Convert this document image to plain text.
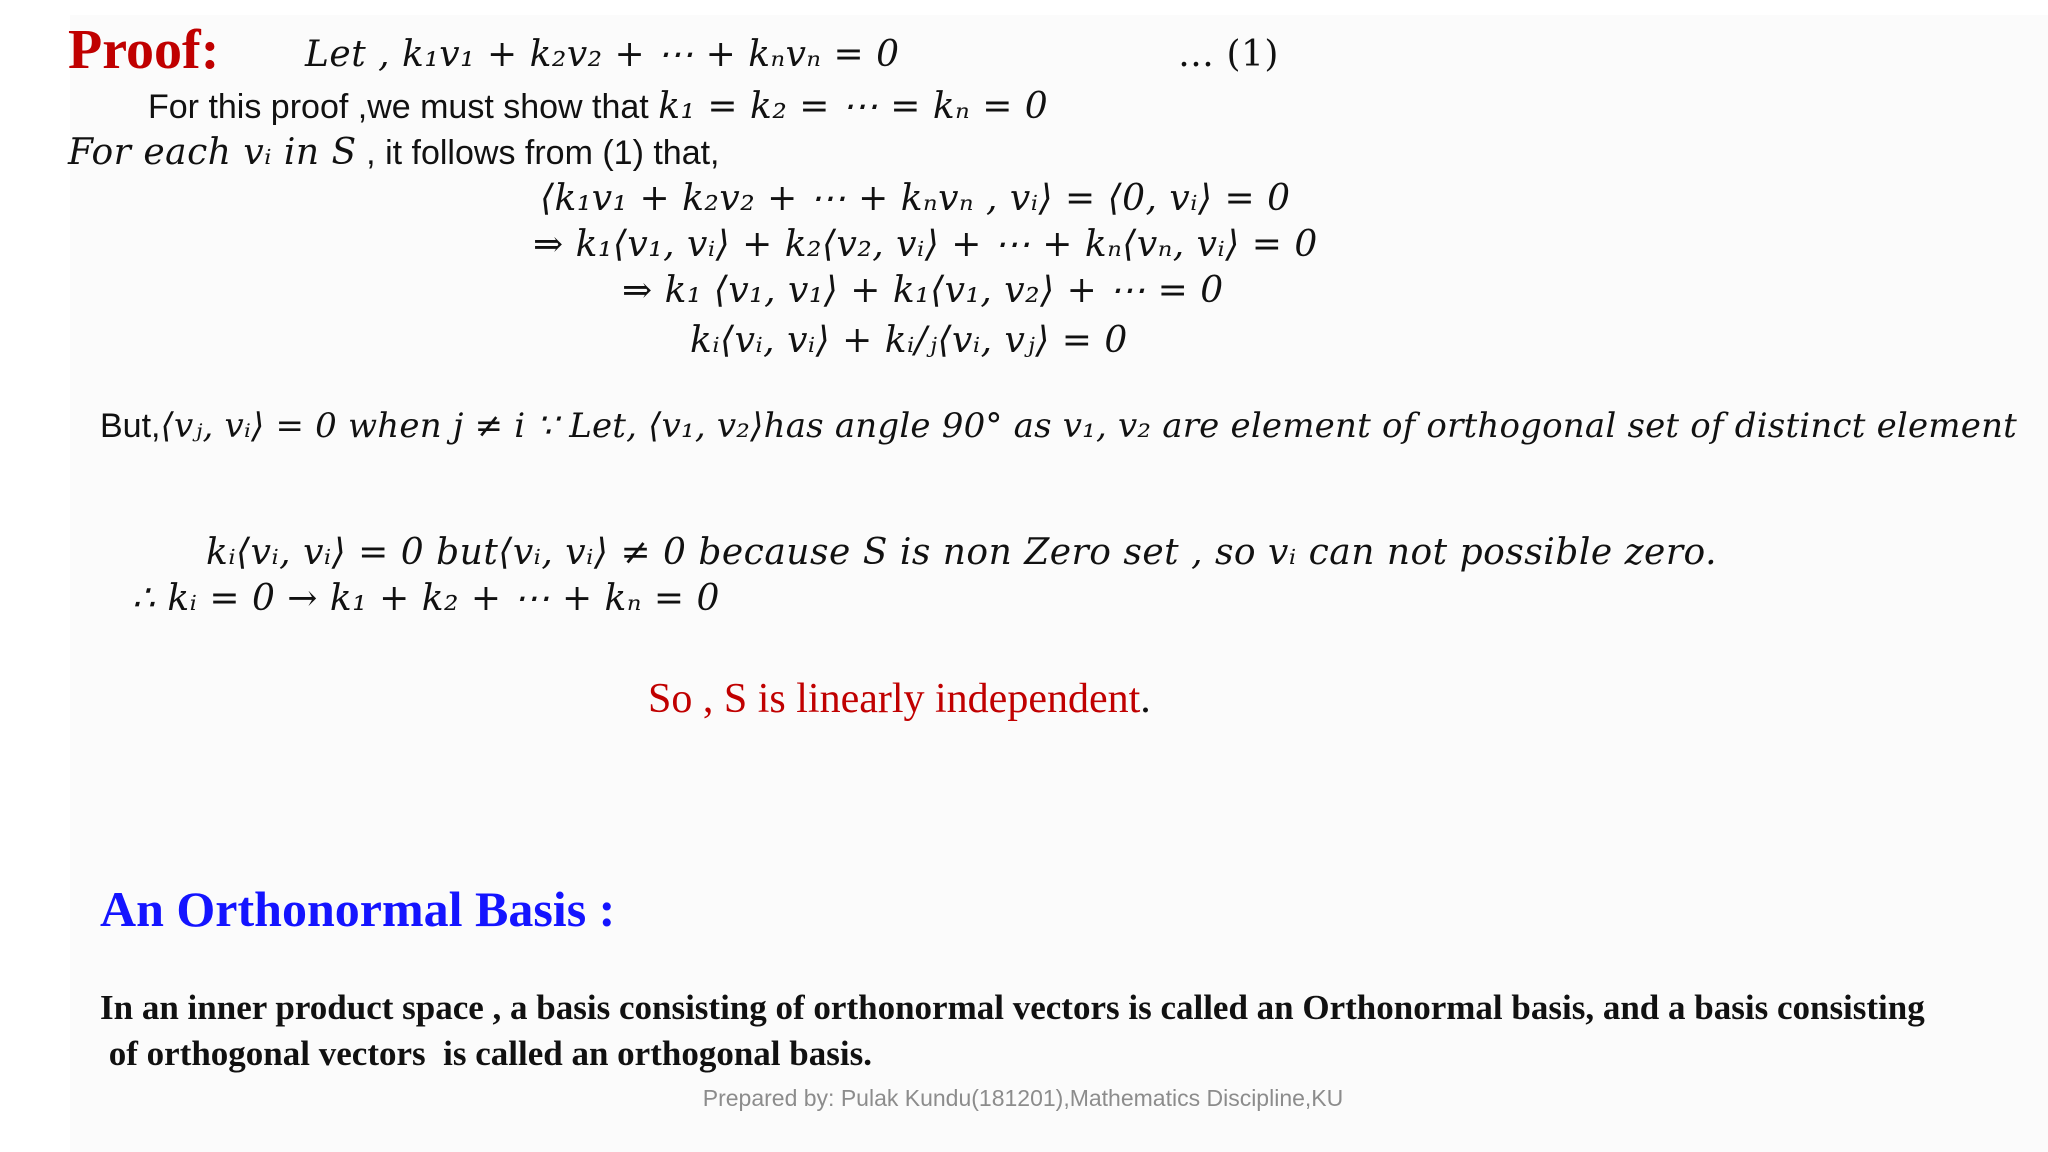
Proof: Let , k₁v₁ + k₂v₂ + ⋯ + kₙvₙ = 0	… (1)
For this proof ,we must show that k₁ = k₂ = ⋯ = kₙ = 0
For each vᵢ in S , it follows from (1) that,
⟨k₁v₁ + k₂v₂ + ⋯ + kₙvₙ , vᵢ⟩ = ⟨0, vᵢ⟩ = 0
⇒ k₁⟨v₁, vᵢ⟩ + k₂⟨v₂, vᵢ⟩ + ⋯ + kₙ⟨vₙ, vᵢ⟩ = 0
⇒ k₁ ⟨v₁, v₁⟩ + k₁⟨v₁, v₂⟩ + ⋯ = 0
kᵢ⟨vᵢ, vᵢ⟩ + kᵢ/ⱼ⟨vᵢ, vⱼ⟩ = 0
But,⟨vⱼ, vᵢ⟩ = 0 when j ≠ i ∵ Let, ⟨v₁, v₂⟩has angle 90° as v₁, v₂ are element of orthogonal set of distinct element
kᵢ⟨vᵢ, vᵢ⟩ = 0 but⟨vᵢ, vᵢ⟩ ≠ 0 because S is non Zero set , so vᵢ can not possible zero.
∴ kᵢ = 0 → k₁ + k₂ + ⋯ + kₙ = 0
So , S is linearly independent.
An Orthonormal Basis :
In an inner product space , a basis consisting of orthonormal vectors is called an Orthonormal basis, and a basis consisting
of orthogonal vectors  is called an orthogonal basis.
Prepared by: Pulak Kundu(181201),Mathematics Discipline,KU
